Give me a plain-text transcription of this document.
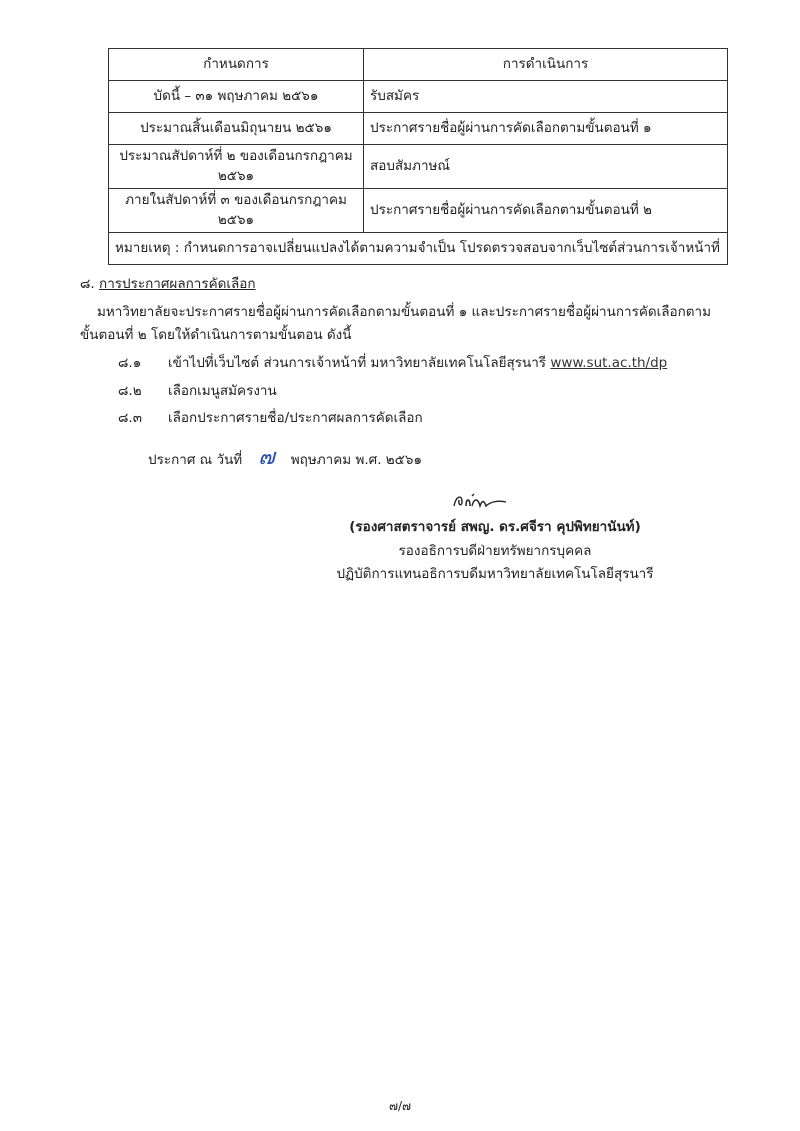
กำหนดการ	การดำเนินการ
บัดนี้ – ๓๑ พฤษภาคม ๒๕๖๑	รับสมัคร
ประมาณสิ้นเดือนมิถุนายน ๒๕๖๑	ประกาศรายชื่อผู้ผ่านการคัดเลือกตามขั้นตอนที่ ๑
ประมาณสัปดาห์ที่ ๒ ของเดือนกรกฎาคม ๒๕๖๑	สอบสัมภาษณ์
ภายในสัปดาห์ที่ ๓ ของเดือนกรกฎาคม ๒๕๖๑	ประกาศรายชื่อผู้ผ่านการคัดเลือกตามขั้นตอนที่ ๒
หมายเหตุ : กำหนดการอาจเปลี่ยนแปลงได้ตามความจำเป็น โปรดตรวจสอบจากเว็บไซต์ส่วนการเจ้าหน้าที่	
๘. การประกาศผลการคัดเลือก
มหาวิทยาลัยจะประกาศรายชื่อผู้ผ่านการคัดเลือกตามขั้นตอนที่ ๑ และประกาศรายชื่อผู้ผ่านการคัดเลือกตาม
ขั้นตอนที่ ๒ โดยให้ดำเนินการตามขั้นตอน ดังนี้
๘.๑	เข้าไปที่เว็บไซต์ ส่วนการเจ้าหน้าที่ มหาวิทยาลัยเทคโนโลยีสุรนารี www.sut.ac.th/dp
๘.๒	เลือกเมนูสมัครงาน
๘.๓	เลือกประกาศรายชื่อ/ประกาศผลการคัดเลือก
ประกาศ ณ วันที่ ๗ พฤษภาคม พ.ศ. ๒๕๖๑
(รองศาสตราจารย์ สพญ. ดร.ศจีรา คุปพิทยานันท์)
รองอธิการบดีฝ่ายทรัพยากรบุคคล
ปฏิบัติการแทนอธิการบดีมหาวิทยาลัยเทคโนโลยีสุรนารี
๗/๗
